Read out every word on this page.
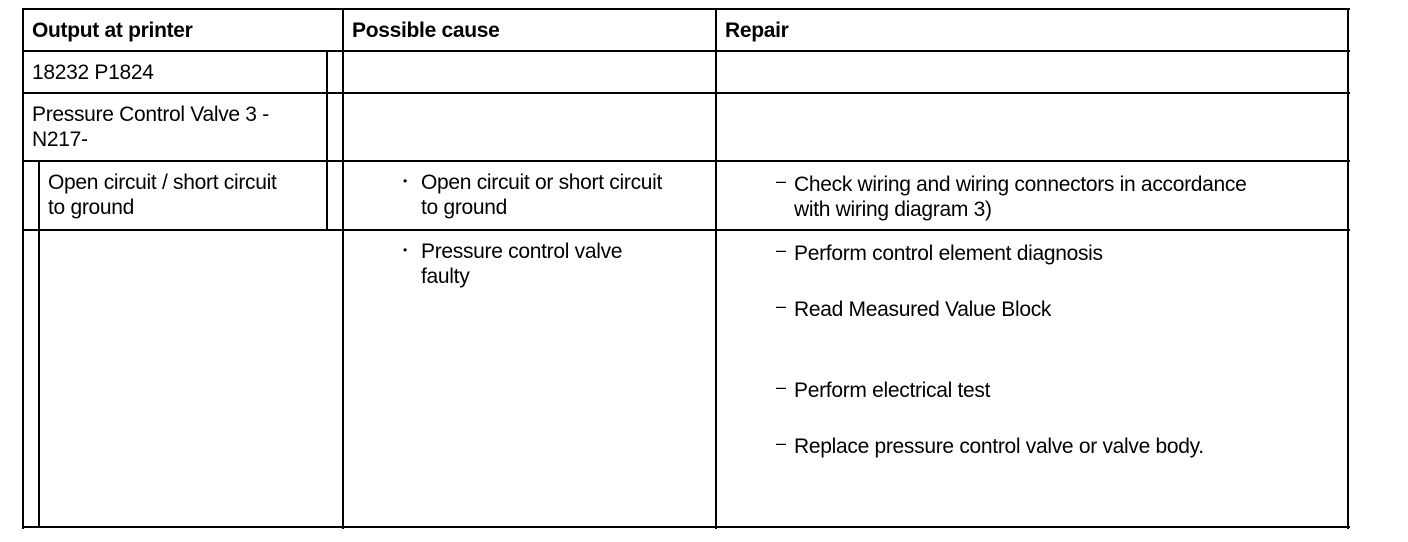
Output at printer	Possible cause	Repair
18232 P1824
Pressure Control Valve 3 -
N217-
Open circuit / short circuit
to ground
• Open circuit or short circuit
to ground
• Pressure control valve
faulty
– Check wiring and wiring connectors in accordance
with wiring diagram 3)
– Perform control element diagnosis
– Read Measured Value Block
– Perform electrical test
– Replace pressure control valve or valve body.
